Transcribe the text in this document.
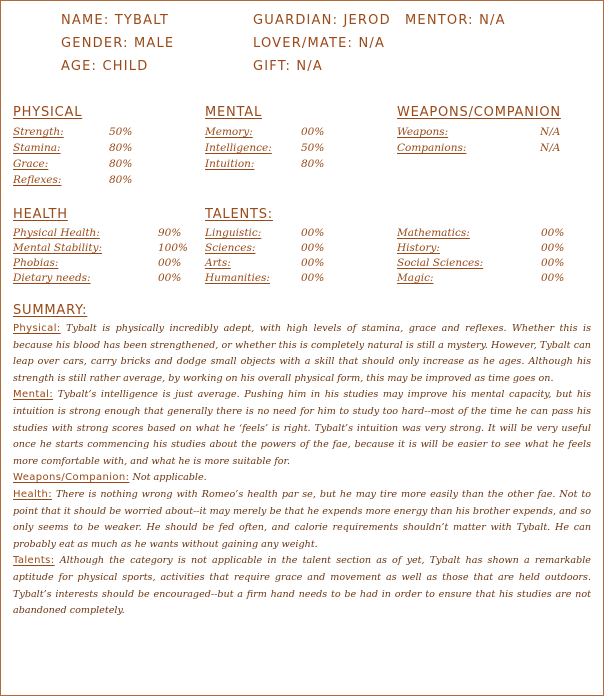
NAME: TYBALT
GENDER: MALE
AGE: CHILD
GUARDIAN: JEROD MENTOR: N/A
LOVER/MATE: N/A
GIFT: N/A
PHYSICAL	MENTAL	WEAPONS/COMPANION
HEALTH	TALENTS:
Strength:	50%
Stamina:	80%
Grace:	80%
Reflexes:	80%
Memory:	00%
Intelligence:	50%
Intuition:	80%
Weapons:	N/A
Companions:	N/A
Physical Health:	90%
Mental Stability:	100%
Phobias:	00%
Dietary needs:	00%
Linguistic:	00%
Sciences:	00%
Arts:	00%
Humanities:	00%
Mathematics:	00%
History:	00%
Social Sciences:	00%
Magic:	00%
SUMMARY:

Physical: Tybalt is physically incredibly adept, with high levels of stamina, grace and reflexes. Whether this is because his blood has been strengthened, or whether this is completely natural is still a mystery. However, Tybalt can leap over cars, carry bricks and dodge small objects with a skill that should only increase as he ages. Although his strength is still rather average, by working on his overall physical form, this may be improved as time goes on.

Mental: Tybalt’s intelligence is just average. Pushing him in his studies may improve his mental capacity, but his intuition is strong enough that generally there is no need for him to study too hard--most of the time he can pass his studies with strong scores based on what he ‘feels’ is right. Tybalt’s intuition was very strong. It will be very useful once he starts commencing his studies about the powers of the fae, because it is will be easier to see what he feels more comfortable with, and what he is more suitable for.

Weapons/Companion: Not applicable.

Health: There is nothing wrong with Romeo’s health par se, but he may tire more easily than the other fae. Not to point that it should be worried about--it may merely be that he expends more energy than his brother expends, and so only seems to be weaker. He should be fed often, and calorie requirements shouldn’t matter with Tybalt. He can probably eat as much as he wants without gaining any weight.

Talents: Although the category is not applicable in the talent section as of yet, Tybalt has shown a remarkable aptitude for physical sports, activities that require grace and movement as well as those that are held outdoors. Tybalt’s interests should be encouraged--but a firm hand needs to be had in order to ensure that his studies are not abandoned completely.
